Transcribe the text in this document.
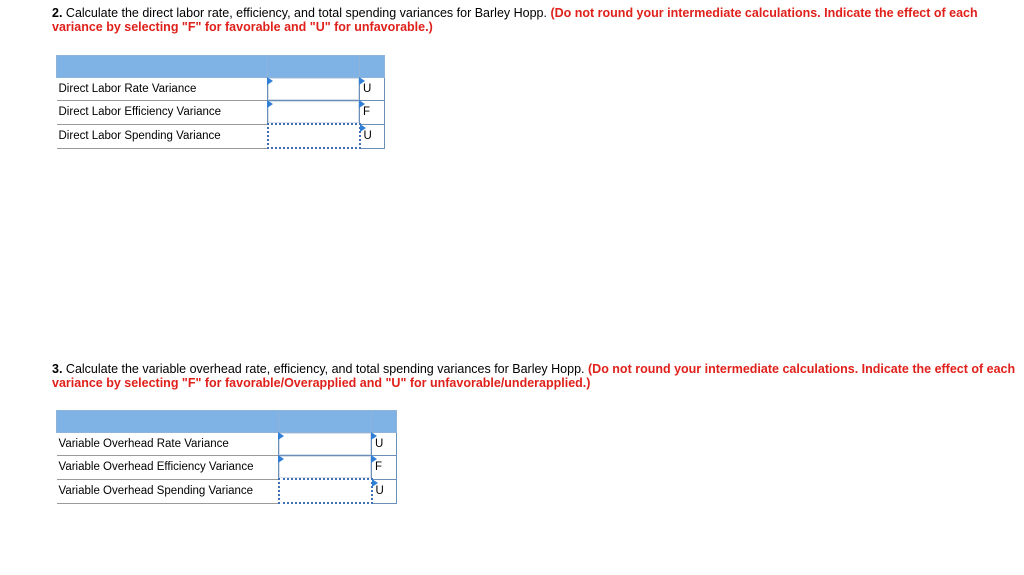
2. Calculate the direct labor rate, efficiency, and total spending variances for Barley Hopp. (Do not round your intermediate calculations. Indicate the effect of each variance by selecting "F" for favorable and "U" for unfavorable.)

Direct Labor Rate Variance		U
Direct Labor Efficiency Variance		F
Direct Labor Spending Variance		U
3. Calculate the variable overhead rate, efficiency, and total spending variances for Barley Hopp. (Do not round your intermediate calculations. Indicate the effect of each variance by selecting "F" for favorable/Overapplied and "U" for unfavorable/underapplied.)

Variable Overhead Rate Variance		U
Variable Overhead Efficiency Variance		F
Variable Overhead Spending Variance		U
